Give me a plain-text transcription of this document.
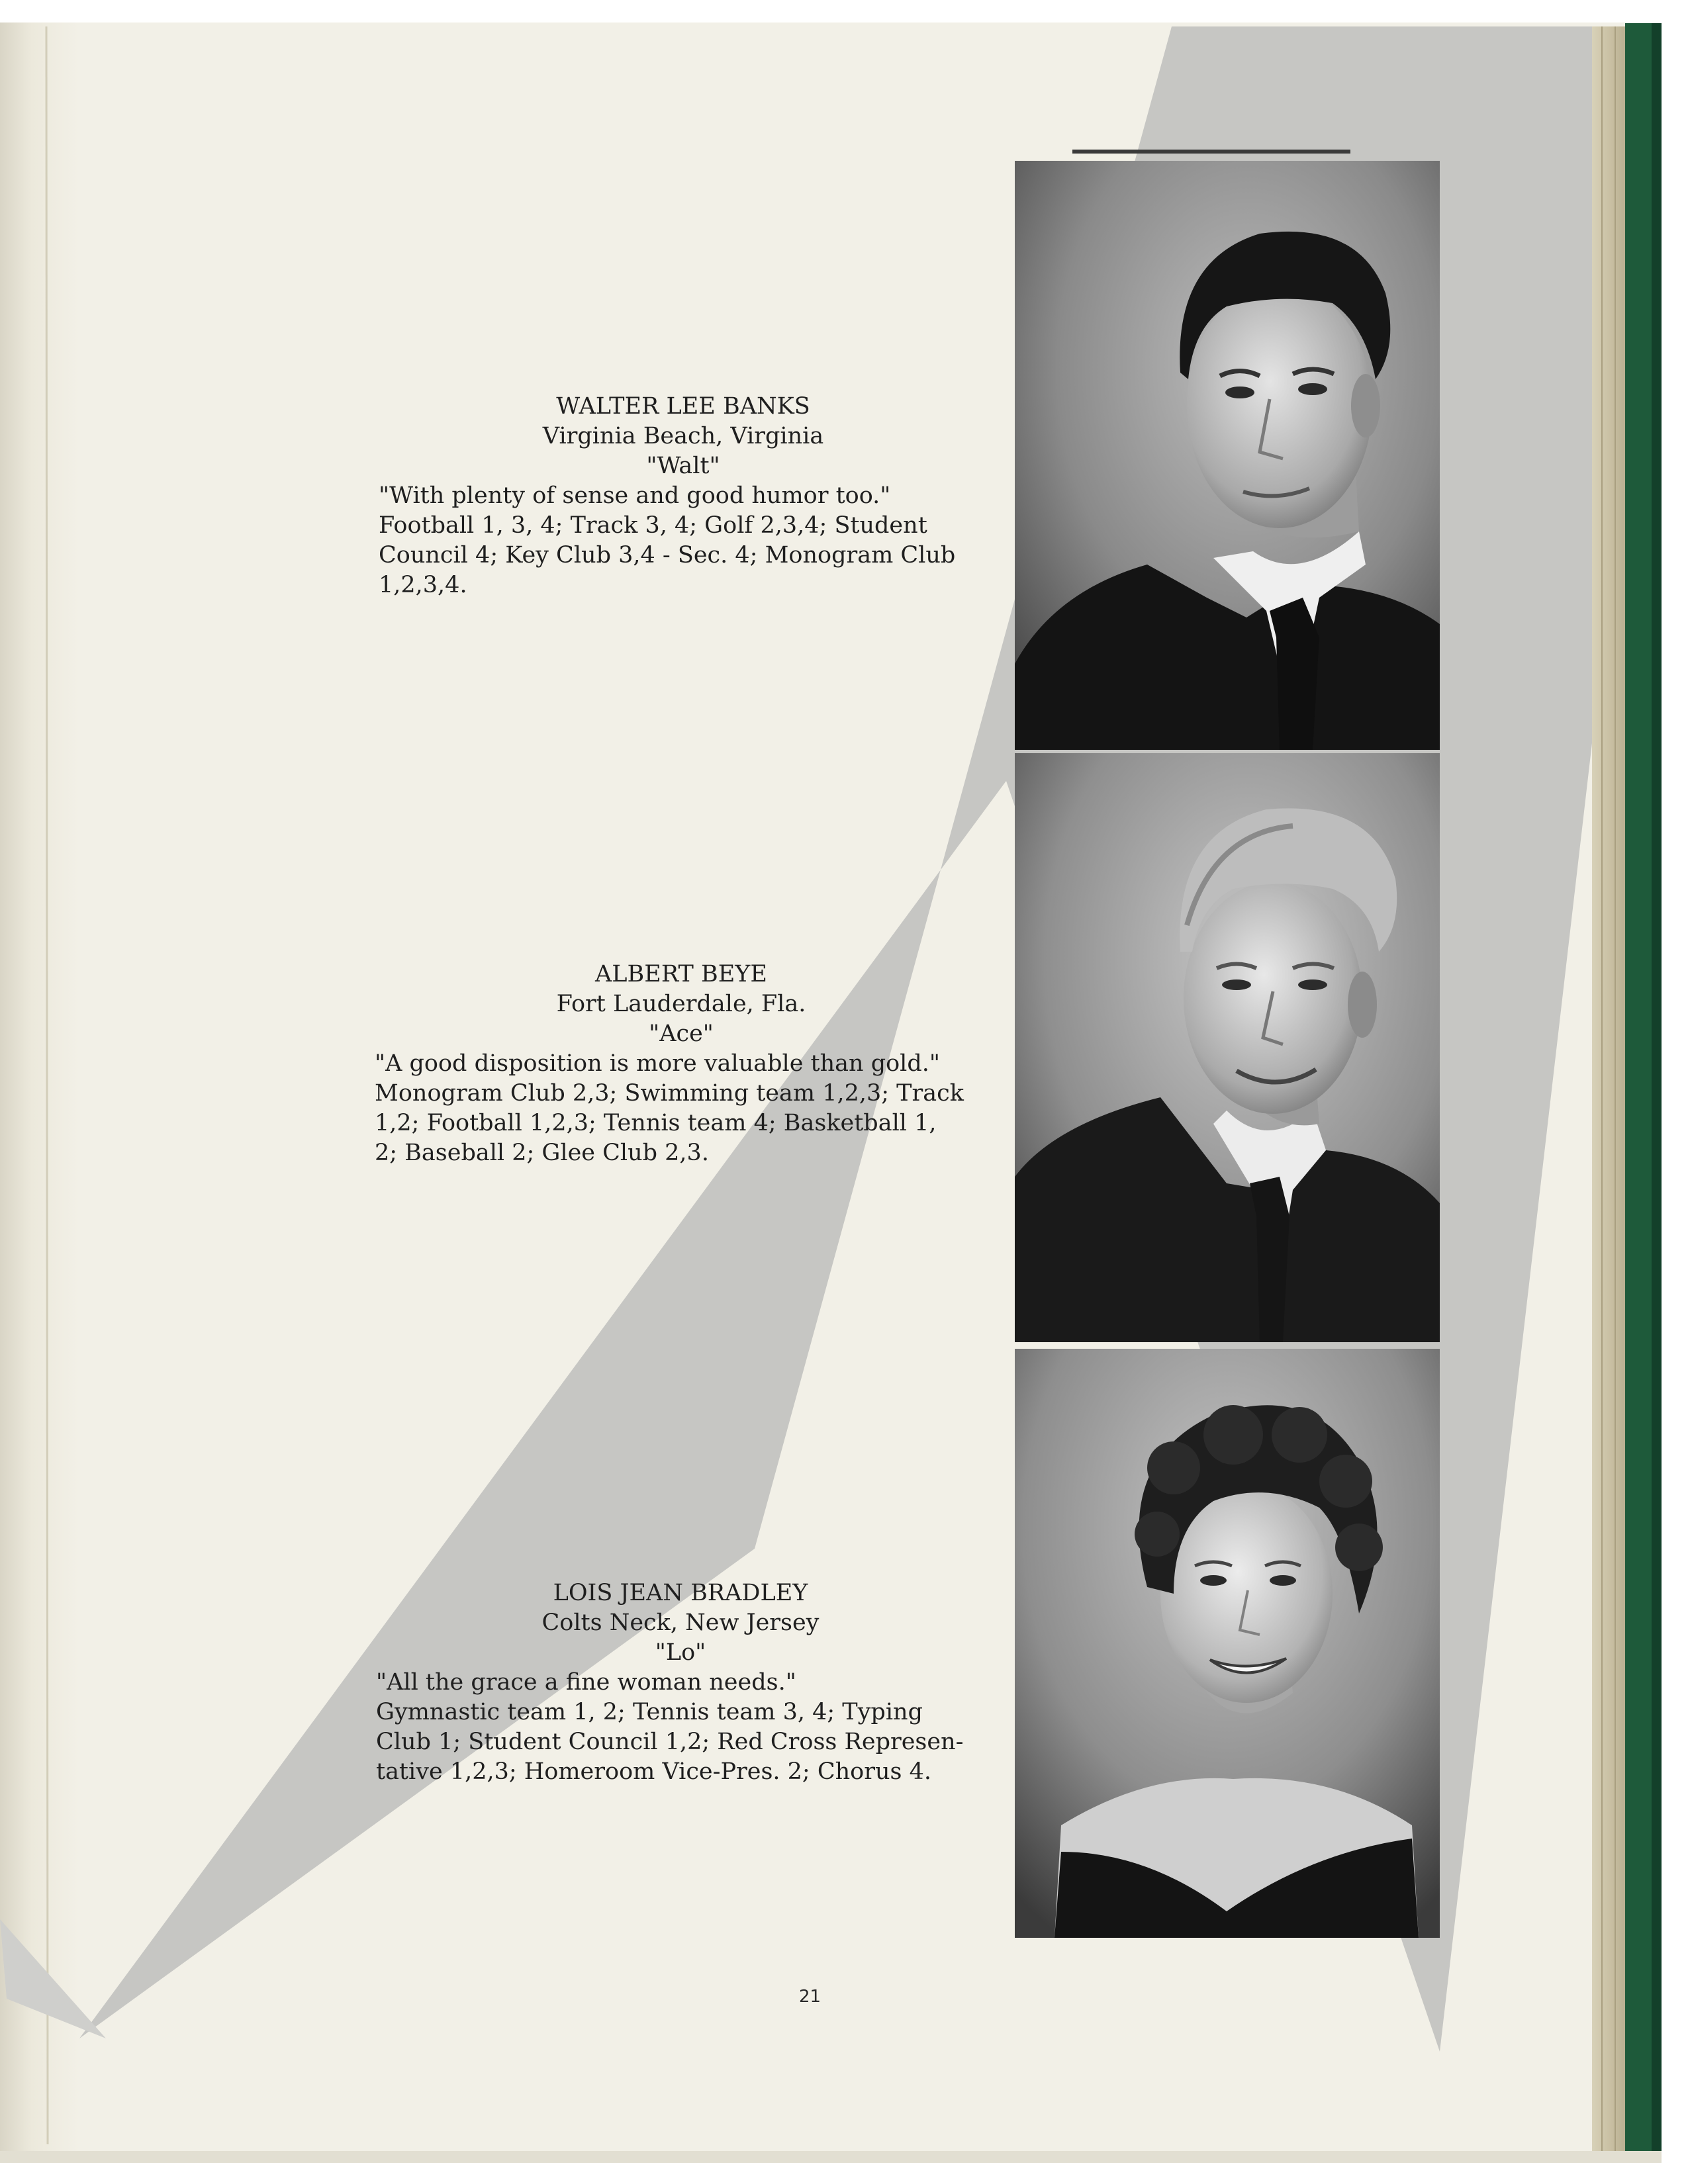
WALTER LEE BANKS
Virginia Beach, Virginia
"Walt"
"With plenty of sense and good humor too."
Football 1, 3, 4; Track 3, 4; Golf 2,3,4; Student
Council 4; Key Club 3,4 - Sec. 4; Monogram Club
1,2,3,4.
ALBERT BEYE
Fort Lauderdale, Fla.
"Ace"
"A good disposition is more valuable than gold."
Monogram Club 2,3; Swimming team 1,2,3; Track
1,2; Football 1,2,3; Tennis team 4; Basketball 1,
2; Baseball 2; Glee Club 2,3.
LOIS JEAN BRADLEY
Colts Neck, New Jersey
"Lo"
"All the grace a fine woman needs."
Gymnastic team 1, 2; Tennis team 3, 4; Typing
Club 1; Student Council 1,2; Red Cross Represen-
tative 1,2,3; Homeroom Vice-Pres. 2; Chorus 4.
21
